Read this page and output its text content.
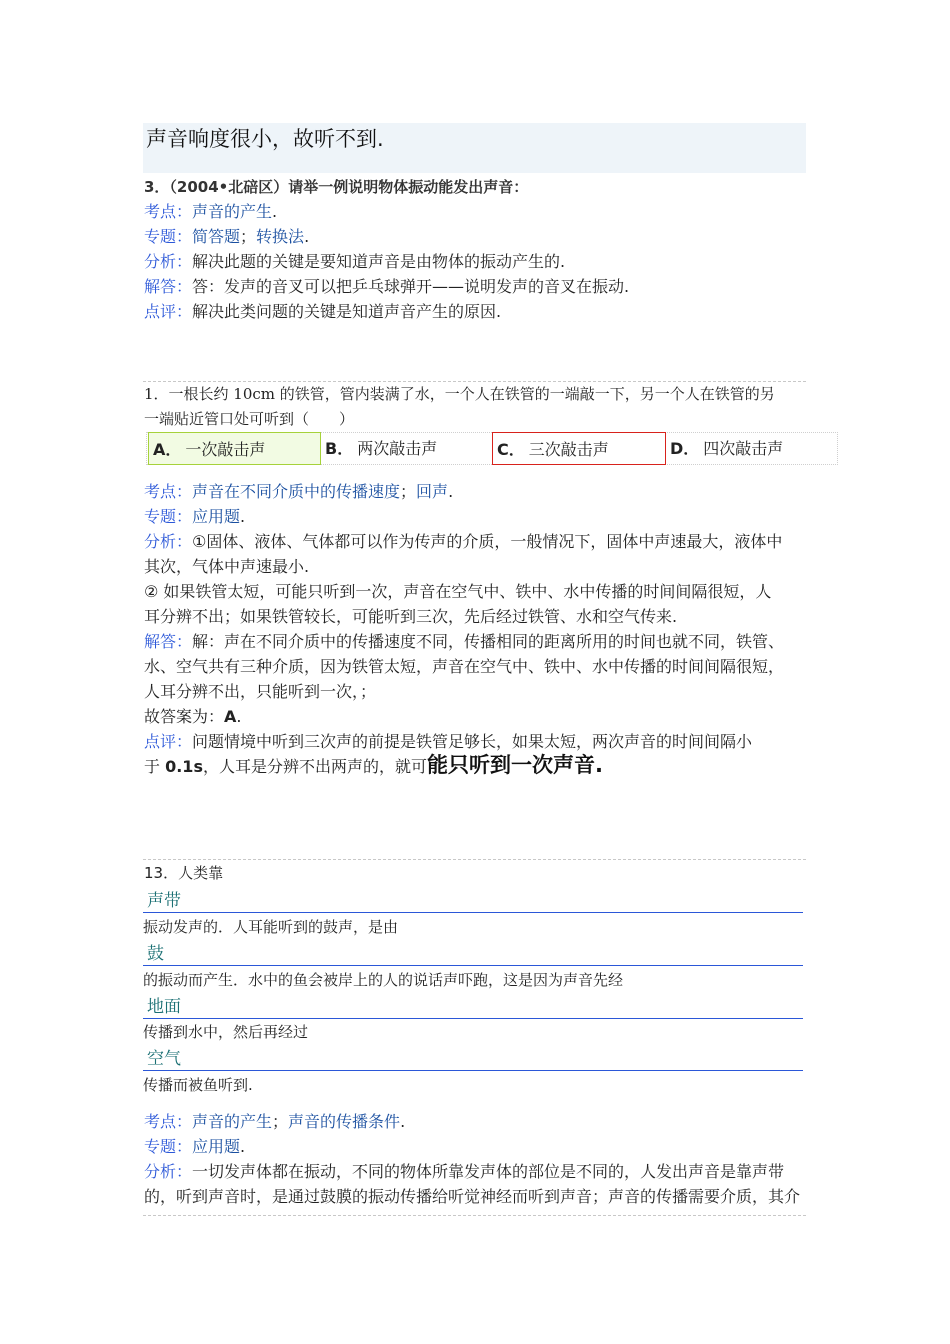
声音响度很小，故听不到.
3．（2004•北碚区）请举一例说明物体振动能发出声音：
考点：声音的产生.
专题：简答题；转换法.
分析：解决此题的关键是要知道声音是由物体的振动产生的.
解答：答：发声的音叉可以把乒乓球弹开——说明发声的音叉在振动.
点评：解决此类问题的关键是知道声音产生的原因.
1．一根长约 10cm 的铁管，管内装满了水，一个人在铁管的一端敲一下，另一个人在铁管的另
一端贴近管口处可听到（　　）
A． 一次敲击声	B． 两次敲击声	C． 三次敲击声	D． 四次敲击声
考点：声音在不同介质中的传播速度；回声.
专题：应用题.
分析：①固体、液体、气体都可以作为传声的介质，一般情况下，固体中声速最大，液体中
其次，气体中声速最小.
② 如果铁管太短，可能只听到一次，声音在空气中、铁中、水中传播的时间间隔很短，人
耳分辨不出；如果铁管较长，可能听到三次，先后经过铁管、水和空气传来.
解答：解：声在不同介质中的传播速度不同，传播相同的距离所用的时间也就不同，铁管、
水、空气共有三种介质，因为铁管太短，声音在空气中、铁中、水中传播的时间间隔很短，
人耳分辨不出，只能听到一次，；
故答案为：A.
点评：问题情境中听到三次声的前提是铁管足够长，如果太短，两次声音的时间间隔小
于 0.1s，人耳是分辨不出两声的，就可能只听到一次声音.
13．人类靠
声带
振动发声的．人耳能听到的鼓声，是由
鼓
的振动而产生．水中的鱼会被岸上的人的说话声吓跑，这是因为声音先经
地面
传播到水中，然后再经过
空气
传播而被鱼听到.
考点：声音的产生；声音的传播条件.
专题：应用题.
分析：一切发声体都在振动，不同的物体所靠发声体的部位是不同的，人发出声音是靠声带
的，听到声音时，是通过鼓膜的振动传播给听觉神经而听到声音；声音的传播需要介质，其介
